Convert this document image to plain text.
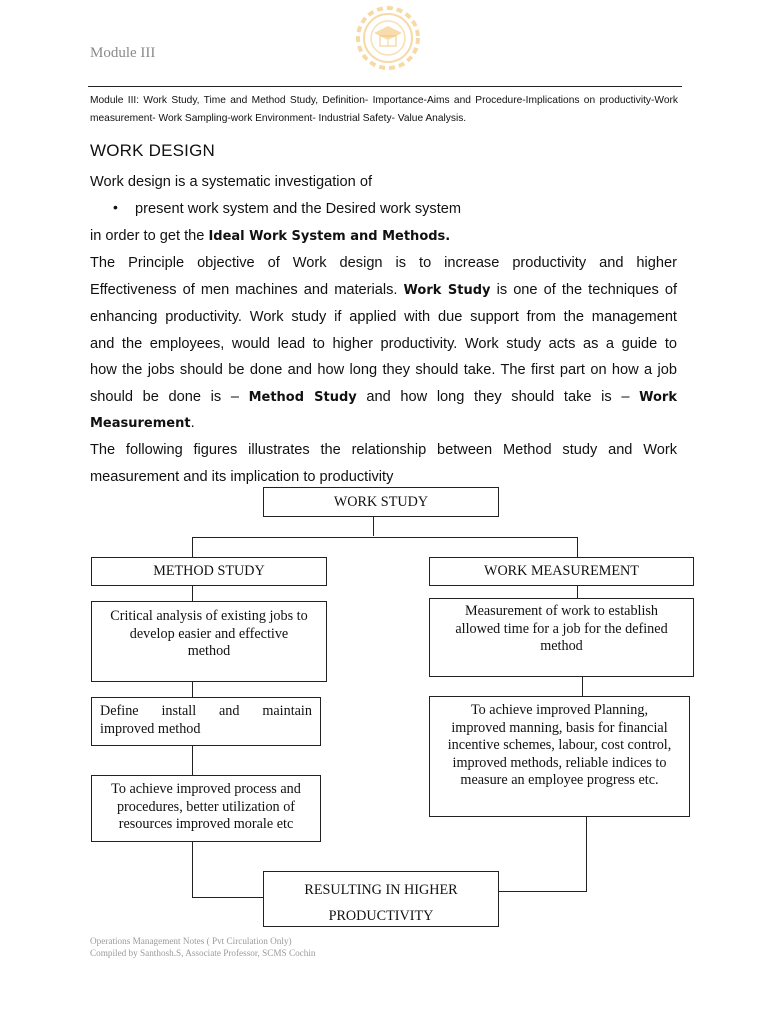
Module III
Module III: Work Study, Time and Method Study, Definition- Importance-Aims and Procedure-Implications on productivity-Work measurement- Work Sampling-work Environment- Industrial Safety- Value Analysis.
WORK DESIGN
Work design is a systematic investigation of
• present work system and the Desired work system
in order to get the Ideal Work System and Methods.
The Principle objective of Work design is to increase productivity and higher
Effectiveness of men machines and materials. Work Study is one of the techniques of
enhancing productivity. Work study if applied with due support from the management
and the employees, would lead to higher productivity. Work study acts as a guide to
how the jobs should be done and how long they should take. The first part on how a job
should be done is – Method Study and how long they should take is – Work
Measurement.
The following figures illustrates the relationship between Method study and Work
measurement and its implication to productivity
WORK STUDY
METHOD STUDY	WORK MEASUREMENT
Critical analysis of existing jobs to
develop easier and effective
method
Measurement of work to establish
allowed time for a job for the defined
method
Define install and maintain
improved method
To achieve improved Planning,
improved manning, basis for financial
incentive schemes, labour, cost control,
improved methods, reliable indices to
measure an employee progress etc.
To achieve improved process and
procedures, better utilization of
resources improved morale etc
RESULTING IN HIGHER
PRODUCTIVITY
Operations Management Notes ( Pvt Circulation Only)
Compiled by Santhosh.S, Associate Professor, SCMS Cochin
